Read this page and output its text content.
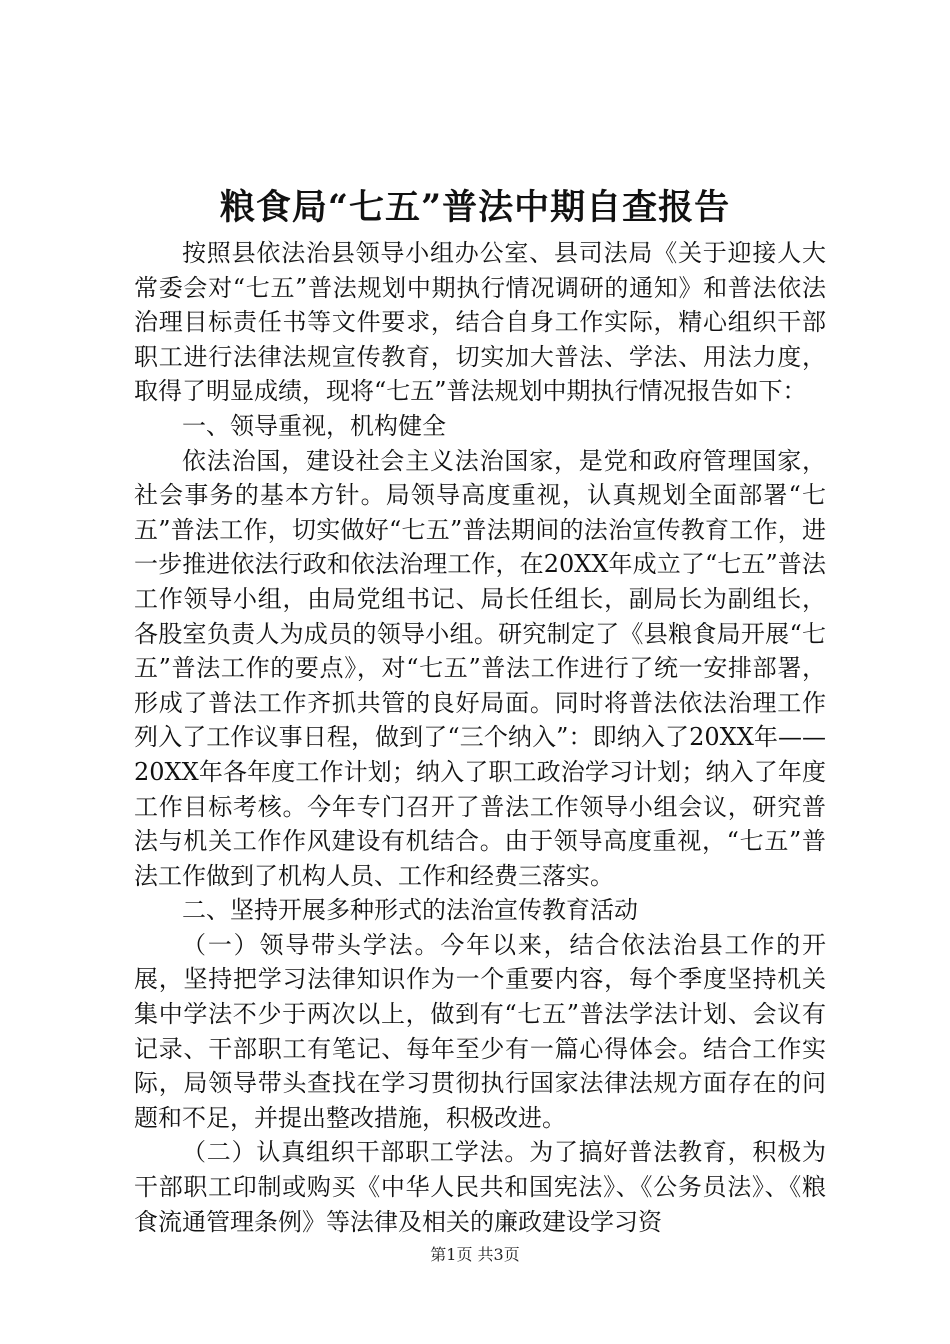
粮食局“七五”普法中期自查报告

按照县依法治县领导小组办公室、县司法局《关于迎接人大常委会对“七五”普法规划中期执行情况调研的通知》和普法依法治理目标责任书等文件要求，结合自身工作实际，精心组织干部职工进行法律法规宣传教育，切实加大普法、学法、用法力度，取得了明显成绩，现将“七五”普法规划中期执行情况报告如下：

一、领导重视，机构健全

依法治国，建设社会主义法治国家，是党和政府管理国家，社会事务的基本方针。局领导高度重视，认真规划全面部署“七五”普法工作，切实做好“七五”普法期间的法治宣传教育工作，进一步推进依法行政和依法治理工作，在20XX年成立了“七五”普法工作领导小组，由局党组书记、局长任组长，副局长为副组长，各股室负责人为成员的领导小组。研究制定了《县粮食局开展“七五”普法工作的要点》，对“七五”普法工作进行了统一安排部署，形成了普法工作齐抓共管的良好局面。同时将普法依法治理工作列入了工作议事日程，做到了“三个纳入”：即纳入了20XX年——20XX年各年度工作计划；纳入了职工政治学习计划；纳入了年度工作目标考核。今年专门召开了普法工作领导小组会议，研究普法与机关工作作风建设有机结合。由于领导高度重视，“七五”普法工作做到了机构人员、工作和经费三落实。

二、坚持开展多种形式的法治宣传教育活动

（一）领导带头学法。今年以来，结合依法治县工作的开展，坚持把学习法律知识作为一个重要内容，每个季度坚持机关集中学法不少于两次以上，做到有“七五”普法学法计划、会议有记录、干部职工有笔记、每年至少有一篇心得体会。结合工作实际，局领导带头查找在学习贯彻执行国家法律法规方面存在的问题和不足，并提出整改措施，积极改进。

（二）认真组织干部职工学法。为了搞好普法教育，积极为干部职工印制或购买《中华人民共和国宪法》、《公务员法》、《粮食流通管理条例》等法律及相关的廉政建设学习资

第1页 共3页
